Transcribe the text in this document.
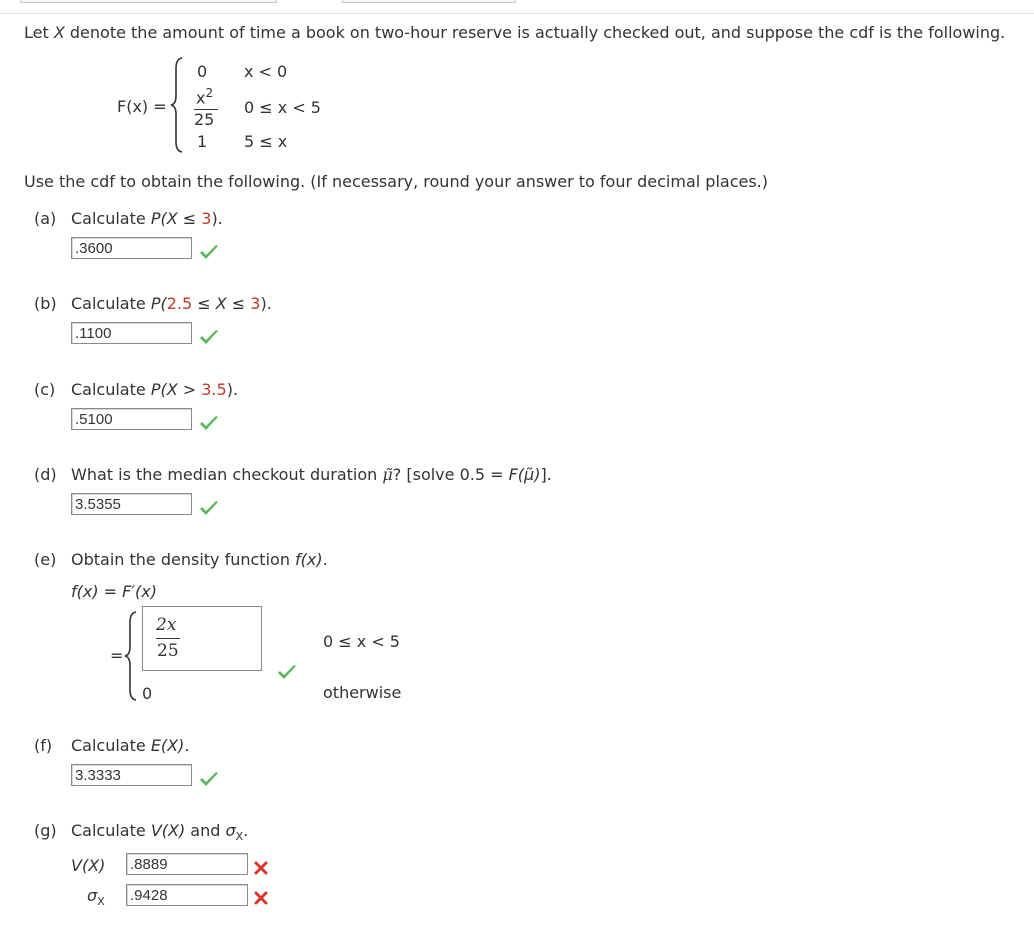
Let X denote the amount of time a book on two-hour reserve is actually checked out, and suppose the cdf is the following.
F(x) =
0 x < 0
$x^2$
25
0 ≤ x < 5
1 5 ≤ x
Use the cdf to obtain the following. (If necessary, round your answer to four decimal places.)
(a) Calculate P(X ≤ 3).
.3600
(b) Calculate P(2.5 ≤ X ≤ 3).
.1100
(c) Calculate P(X > 3.5).
.5100
(d) What is the median checkout duration μ̃? [solve 0.5 = F(μ̃)].
3.5355
(e) Obtain the density function f(x).
f(x) = F′(x)
=
2x
25	0 ≤ x < 5
0	otherwise
(f) Calculate E(X).
3.3333
(g) Calculate V(X) and $\sigma_X$.
V(X) .8889
$\sigma_X$ .9428
